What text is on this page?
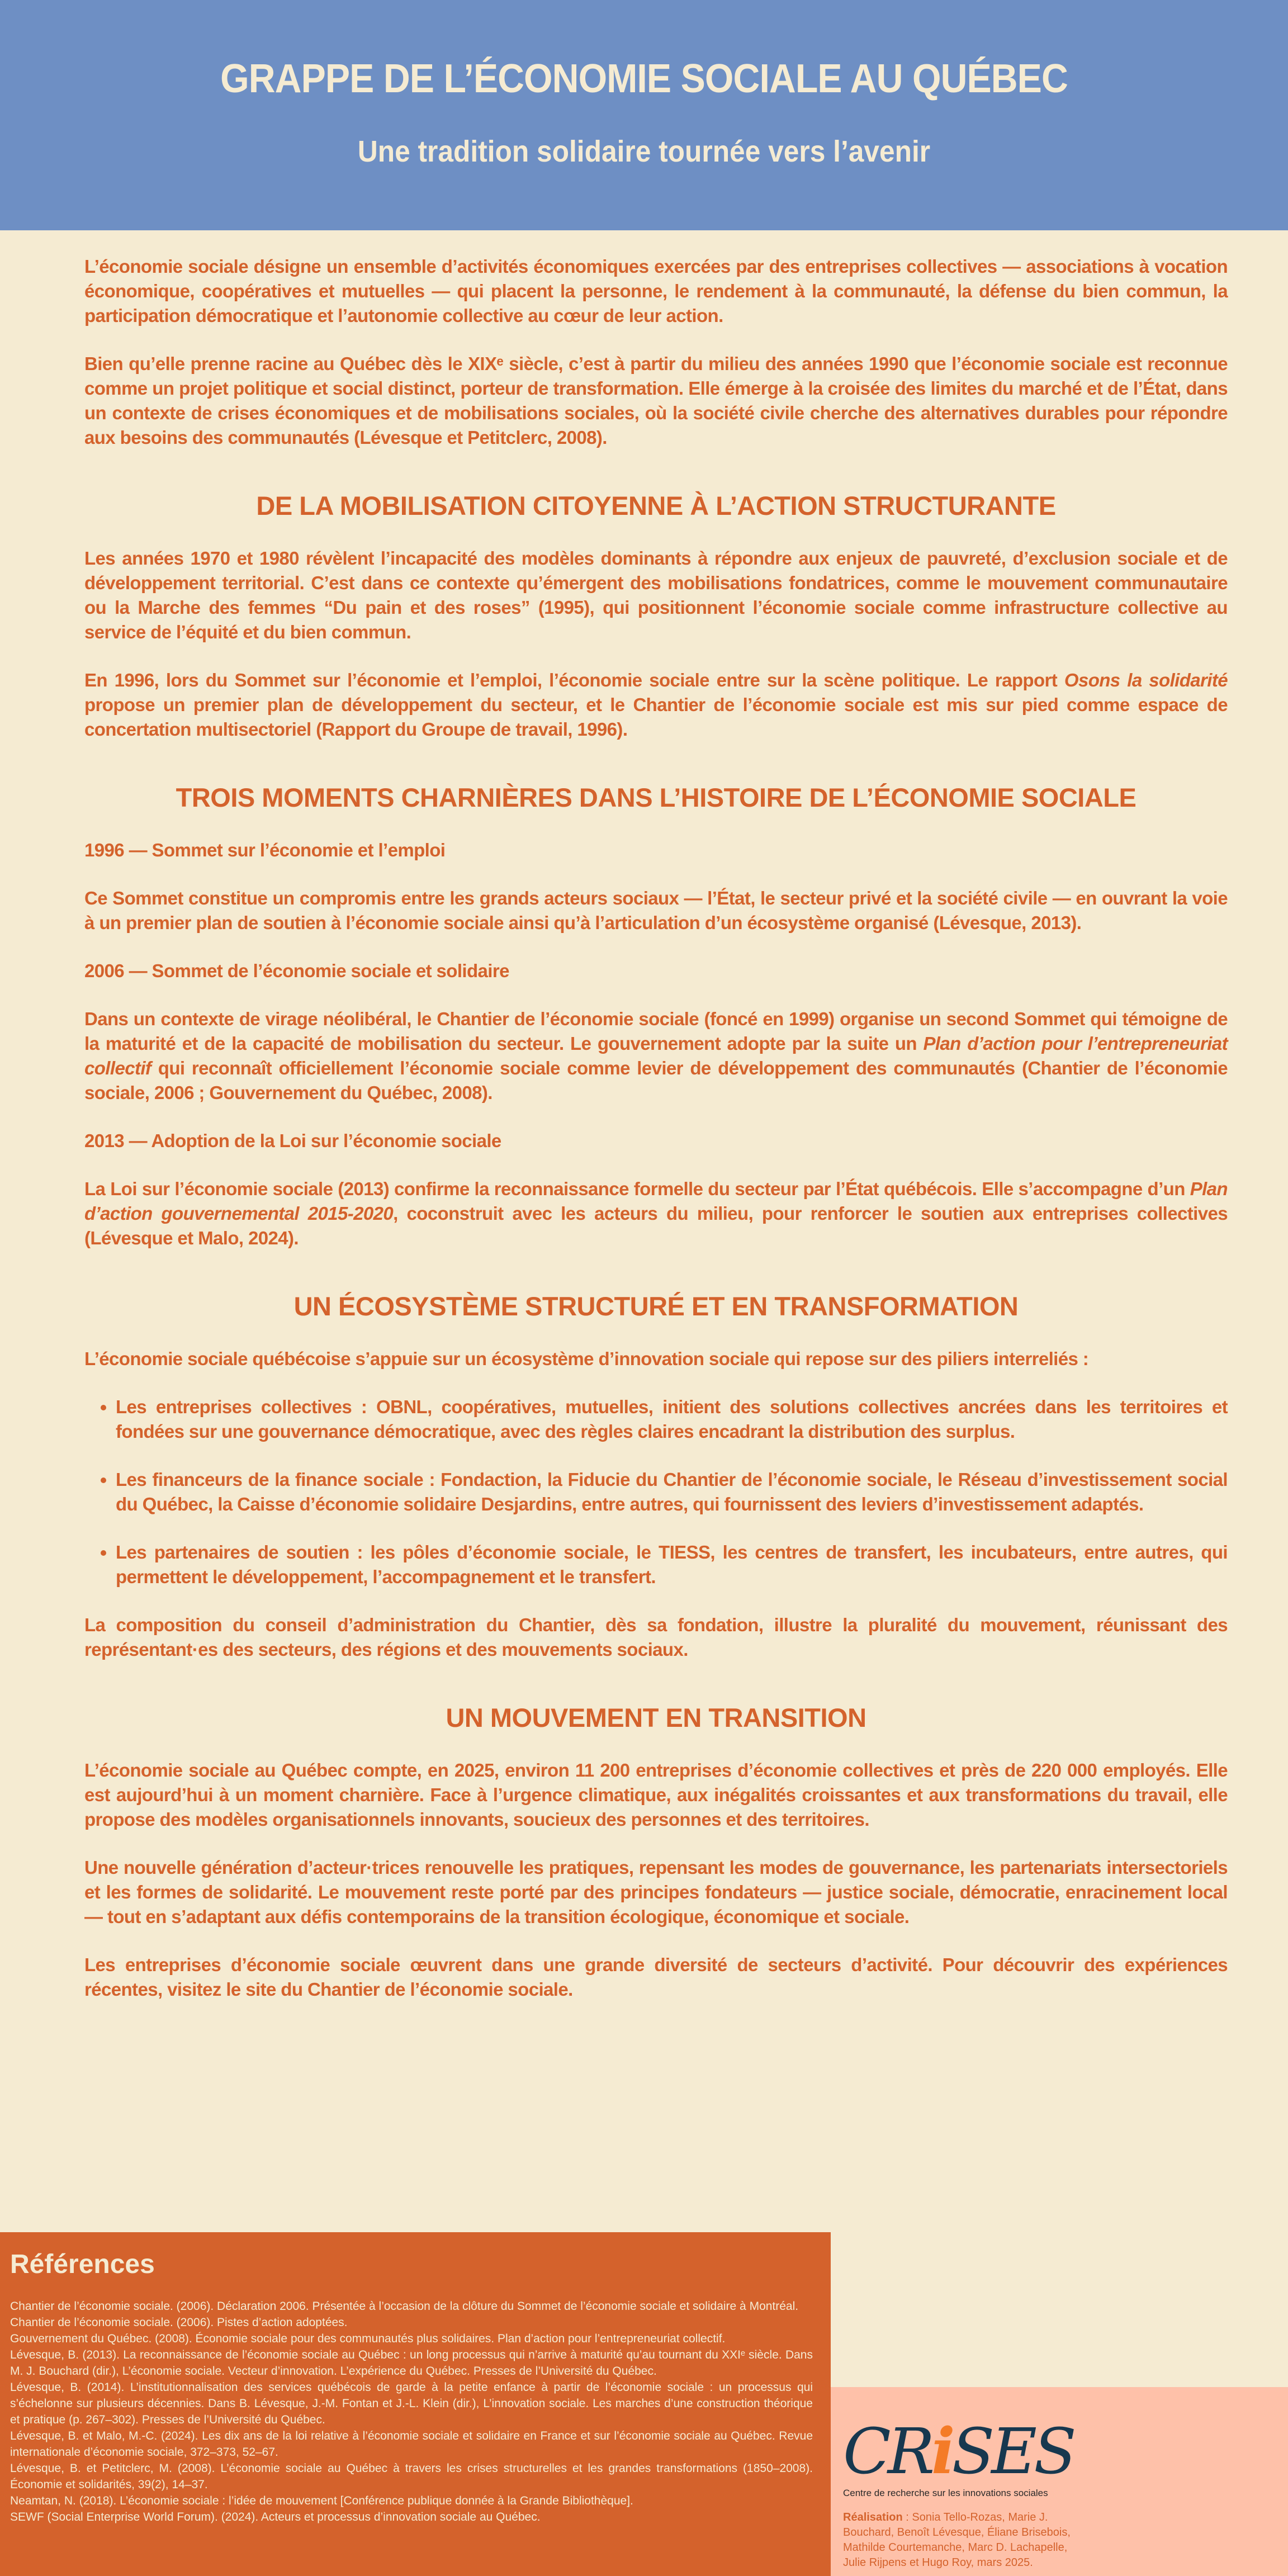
GRAPPE DE L’ÉCONOMIE SOCIALE AU QUÉBEC
Une tradition solidaire tournée vers l’avenir

L’économie sociale désigne un ensemble d’activités économiques exercées par des entreprises collectives — associations à vocation économique, coopératives et mutuelles — qui placent la personne, le rendement à la communauté, la défense du bien commun, la participation démocratique et l’autonomie collective au cœur de leur action.

Bien qu’elle prenne racine au Québec dès le XIXᵉ siècle, c’est à partir du milieu des années 1990 que l’économie sociale est reconnue comme un projet politique et social distinct, porteur de transformation. Elle émerge à la croisée des limites du marché et de l’État, dans un contexte de crises économiques et de mobilisations sociales, où la société civile cherche des alternatives durables pour répondre aux besoins des communautés (Lévesque et Petitclerc, 2008).

DE LA MOBILISATION CITOYENNE À L’ACTION STRUCTURANTE

Les années 1970 et 1980 révèlent l’incapacité des modèles dominants à répondre aux enjeux de pauvreté, d’exclusion sociale et de développement territorial. C’est dans ce contexte qu’émergent des mobilisations fondatrices, comme le mouvement communautaire ou la Marche des femmes “Du pain et des roses” (1995), qui positionnent l’économie sociale comme infrastructure collective au service de l’équité et du bien commun.

En 1996, lors du Sommet sur l’économie et l’emploi, l’économie sociale entre sur la scène politique. Le rapport Osons la solidarité propose un premier plan de développement du secteur, et le Chantier de l’économie sociale est mis sur pied comme espace de concertation multisectoriel (Rapport du Groupe de travail, 1996).

TROIS MOMENTS CHARNIÈRES DANS L’HISTOIRE DE L’ÉCONOMIE SOCIALE

1996 — Sommet sur l’économie et l’emploi

Ce Sommet constitue un compromis entre les grands acteurs sociaux — l’État, le secteur privé et la société civile — en ouvrant la voie à un premier plan de soutien à l’économie sociale ainsi qu’à l’articulation d’un écosystème organisé (Lévesque, 2013).

2006 — Sommet de l’économie sociale et solidaire

Dans un contexte de virage néolibéral, le Chantier de l’économie sociale (foncé en 1999) organise un second Sommet qui témoigne de la maturité et de la capacité de mobilisation du secteur. Le gouvernement adopte par la suite un Plan d’action pour l’entrepreneuriat collectif qui reconnaît officiellement l’économie sociale comme levier de développement des communautés (Chantier de l’économie sociale, 2006 ; Gouvernement du Québec, 2008).

2013 — Adoption de la Loi sur l’économie sociale

La Loi sur l’économie sociale (2013) confirme la reconnaissance formelle du secteur par l’État québécois. Elle s’accompagne d’un Plan d’action gouvernemental 2015-2020, coconstruit avec les acteurs du milieu, pour renforcer le soutien aux entreprises collectives (Lévesque et Malo, 2024).

UN ÉCOSYSTÈME STRUCTURÉ ET EN TRANSFORMATION

L’économie sociale québécoise s’appuie sur un écosystème d’innovation sociale qui repose sur des piliers interreliés :

• Les entreprises collectives : OBNL, coopératives, mutuelles, initient des solutions collectives ancrées dans les territoires et fondées sur une gouvernance démocratique, avec des règles claires encadrant la distribution des surplus.
• Les financeurs de la finance sociale : Fondaction, la Fiducie du Chantier de l’économie sociale, le Réseau d’investissement social du Québec, la Caisse d’économie solidaire Desjardins, entre autres, qui fournissent des leviers d’investissement adaptés.
• Les partenaires de soutien : les pôles d’économie sociale, le TIESS, les centres de transfert, les incubateurs, entre autres, qui permettent le développement, l’accompagnement et le transfert.

La composition du conseil d’administration du Chantier, dès sa fondation, illustre la pluralité du mouvement, réunissant des représentant·es des secteurs, des régions et des mouvements sociaux.

UN MOUVEMENT EN TRANSITION

L’économie sociale au Québec compte, en 2025, environ 11 200 entreprises d’économie collectives et près de 220 000 employés. Elle est aujourd’hui à un moment charnière. Face à l’urgence climatique, aux inégalités croissantes et aux transformations du travail, elle propose des modèles organisationnels innovants, soucieux des personnes et des territoires.

Une nouvelle génération d’acteur·trices renouvelle les pratiques, repensant les modes de gouvernance, les partenariats intersectoriels et les formes de solidarité. Le mouvement reste porté par des principes fondateurs — justice sociale, démocratie, enracinement local — tout en s’adaptant aux défis contemporains de la transition écologique, économique et sociale.

Les entreprises d’économie sociale œuvrent dans une grande diversité de secteurs d’activité. Pour découvrir des expériences récentes, visitez le site du Chantier de l’économie sociale.

Références
Chantier de l’économie sociale. (2006). Déclaration 2006. Présentée à l’occasion de la clôture du Sommet de l’économie sociale et solidaire à Montréal.
Chantier de l’économie sociale. (2006). Pistes d’action adoptées.
Gouvernement du Québec. (2008). Économie sociale pour des communautés plus solidaires. Plan d’action pour l’entrepreneuriat collectif.
Lévesque, B. (2013). La reconnaissance de l’économie sociale au Québec : un long processus qui n’arrive à maturité qu’au tournant du XXIᵉ siècle. Dans M. J. Bouchard (dir.), L’économie sociale. Vecteur d’innovation. L’expérience du Québec. Presses de l’Université du Québec.
Lévesque, B. (2014). L’institutionnalisation des services québécois de garde à la petite enfance à partir de l’économie sociale : un processus qui s’échelonne sur plusieurs décennies. Dans B. Lévesque, J.-M. Fontan et J.-L. Klein (dir.), L’innovation sociale. Les marches d’une construction théorique et pratique (p. 267–302). Presses de l’Université du Québec.
Lévesque, B. et Malo, M.-C. (2024). Les dix ans de la loi relative à l’économie sociale et solidaire en France et sur l’économie sociale au Québec. Revue internationale d’économie sociale, 372–373, 52–67.
Lévesque, B. et Petitclerc, M. (2008). L’économie sociale au Québec à travers les crises structurelles et les grandes transformations (1850–2008). Économie et solidarités, 39(2), 14–37.
Neamtan, N. (2018). L’économie sociale : l’idée de mouvement [Conférence publique donnée à la Grande Bibliothèque].
SEWF (Social Enterprise World Forum). (2024). Acteurs et processus d’innovation sociale au Québec.
CRiSES
Centre de recherche sur les innovations sociales
Réalisation : Sonia Tello-Rozas, Marie J. Bouchard, Benoît Lévesque, Éliane Brisebois, Mathilde Courtemanche, Marc D. Lachapelle, Julie Rijpens et Hugo Roy, mars 2025.
